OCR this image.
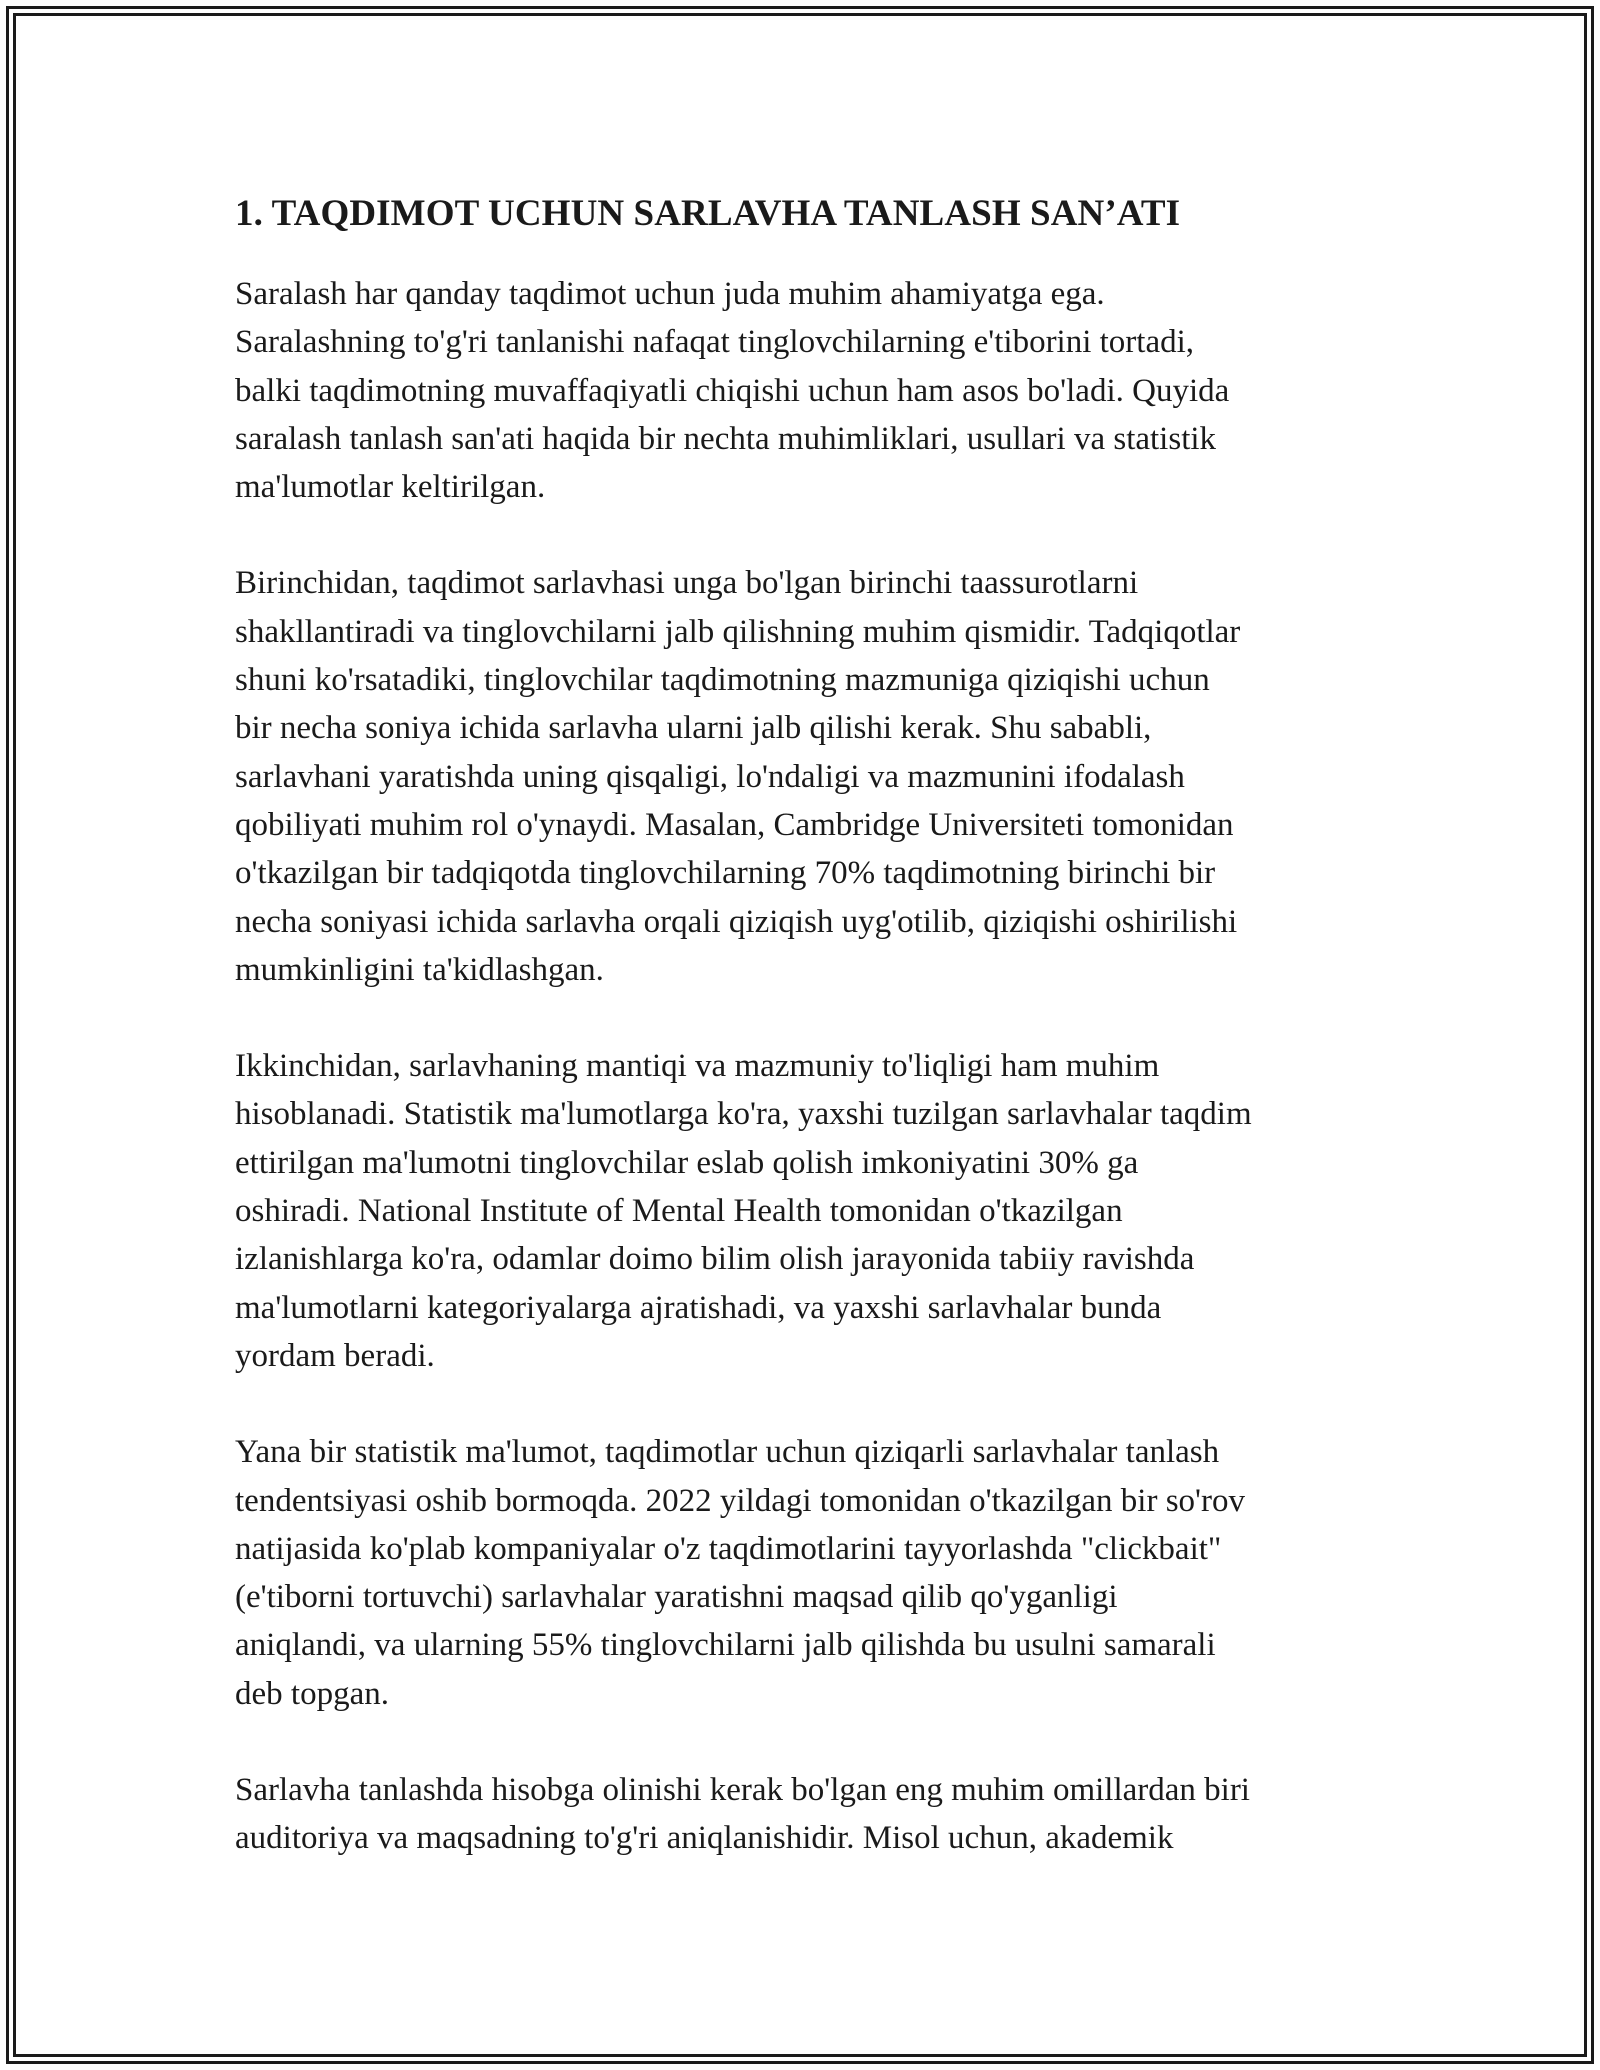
1. TAQDIMOT UCHUN SARLAVHA TANLASH SAN’ATI
Saralash har qanday taqdimot uchun juda muhim ahamiyatga ega.
Saralashning to'g'ri tanlanishi nafaqat tinglovchilarning e'tiborini tortadi,
balki taqdimotning muvaffaqiyatli chiqishi uchun ham asos bo'ladi. Quyida
saralash tanlash san'ati haqida bir nechta muhimliklari, usullari va statistik
ma'lumotlar keltirilgan.
Birinchidan, taqdimot sarlavhasi unga bo'lgan birinchi taassurotlarni
shakllantiradi va tinglovchilarni jalb qilishning muhim qismidir. Tadqiqotlar
shuni ko'rsatadiki, tinglovchilar taqdimotning mazmuniga qiziqishi uchun
bir necha soniya ichida sarlavha ularni jalb qilishi kerak. Shu sababli,
sarlavhani yaratishda uning qisqaligi, lo'ndaligi va mazmunini ifodalash
qobiliyati muhim rol o'ynaydi. Masalan, Cambridge Universiteti tomonidan
o'tkazilgan bir tadqiqotda tinglovchilarning 70% taqdimotning birinchi bir
necha soniyasi ichida sarlavha orqali qiziqish uyg'otilib, qiziqishi oshirilishi
mumkinligini ta'kidlashgan.
Ikkinchidan, sarlavhaning mantiqi va mazmuniy to'liqligi ham muhim
hisoblanadi. Statistik ma'lumotlarga ko'ra, yaxshi tuzilgan sarlavhalar taqdim
ettirilgan ma'lumotni tinglovchilar eslab qolish imkoniyatini 30% ga
oshiradi. National Institute of Mental Health tomonidan o'tkazilgan
izlanishlarga ko'ra, odamlar doimo bilim olish jarayonida tabiiy ravishda
ma'lumotlarni kategoriyalarga ajratishadi, va yaxshi sarlavhalar bunda
yordam beradi.
Yana bir statistik ma'lumot, taqdimotlar uchun qiziqarli sarlavhalar tanlash
tendentsiyasi oshib bormoqda. 2022 yildagi tomonidan o'tkazilgan bir so'rov
natijasida ko'plab kompaniyalar o'z taqdimotlarini tayyorlashda "clickbait"
(e'tiborni tortuvchi) sarlavhalar yaratishni maqsad qilib qo'yganligi
aniqlandi, va ularning 55% tinglovchilarni jalb qilishda bu usulni samarali
deb topgan.
Sarlavha tanlashda hisobga olinishi kerak bo'lgan eng muhim omillardan biri
auditoriya va maqsadning to'g'ri aniqlanishidir. Misol uchun, akademik
